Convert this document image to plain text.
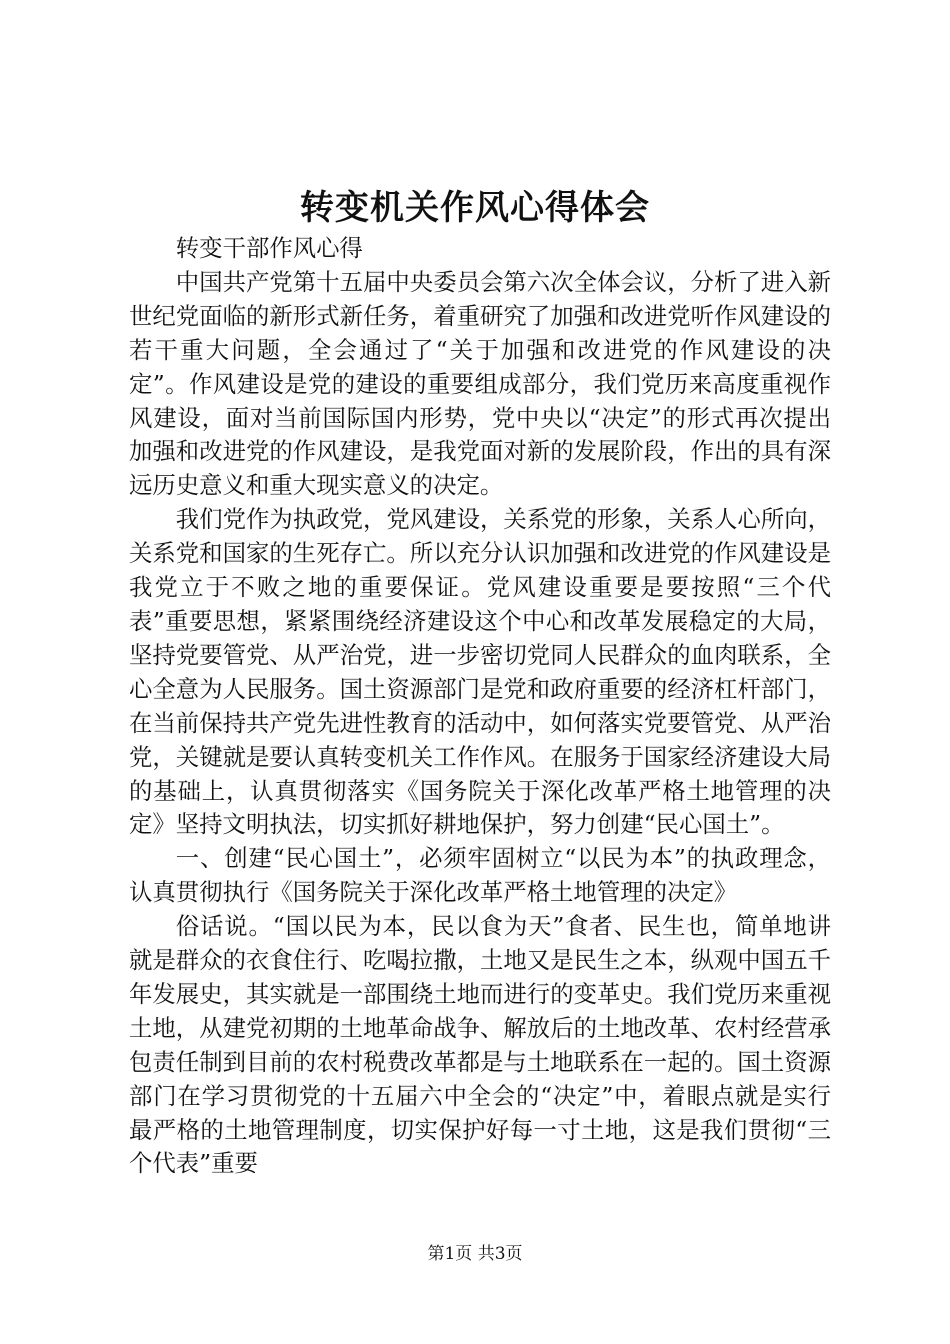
转变机关作风心得体会

转变干部作风心得

中国共产党第十五届中央委员会第六次全体会议，分析了进入新世纪党面临的新形式新任务，着重研究了加强和改进党听作风建设的若干重大问题，全会通过了“关于加强和改进党的作风建设的决定”。作风建设是党的建设的重要组成部分，我们党历来高度重视作风建设，面对当前国际国内形势，党中央以“决定”的形式再次提出加强和改进党的作风建设，是我党面对新的发展阶段，作出的具有深远历史意义和重大现实意义的决定。

我们党作为执政党，党风建设，关系党的形象，关系人心所向，关系党和国家的生死存亡。所以充分认识加强和改进党的作风建设是我党立于不败之地的重要保证。党风建设重要是要按照“三个代表”重要思想，紧紧围绕经济建设这个中心和改革发展稳定的大局，坚持党要管党、从严治党，进一步密切党同人民群众的血肉联系，全心全意为人民服务。国土资源部门是党和政府重要的经济杠杆部门，在当前保持共产党先进性教育的活动中，如何落实党要管党、从严治党，关键就是要认真转变机关工作作风。在服务于国家经济建设大局的基础上，认真贯彻落实《国务院关于深化改革严格土地管理的决定》坚持文明执法，切实抓好耕地保护，努力创建“民心国土”。

一、创建“民心国土”，必须牢固树立“以民为本”的执政理念，认真贯彻执行《国务院关于深化改革严格土地管理的决定》

俗话说。“国以民为本，民以食为天”食者、民生也，简单地讲就是群众的衣食住行、吃喝拉撒，土地又是民生之本，纵观中国五千年发展史，其实就是一部围绕土地而进行的变革史。我们党历来重视土地，从建党初期的土地革命战争、解放后的土地改革、农村经营承包责任制到目前的农村税费改革都是与土地联系在一起的。国土资源部门在学习贯彻党的十五届六中全会的“决定”中，着眼点就是实行最严格的土地管理制度，切实保护好每一寸土地，这是我们贯彻“三个代表”重要

第1页 共3页
